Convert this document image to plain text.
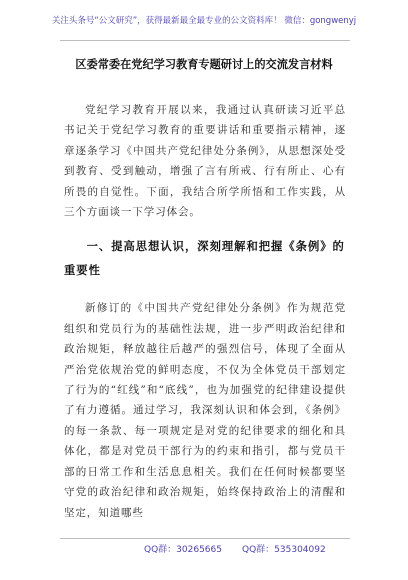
关注头条号“公文研究”，获得最新最全最专业的公文资料库！ 微信：gongwenyj
区委常委在党纪学习教育专题研讨上的交流发言材料

党纪学习教育开展以来，我通过认真研读习近平总书记关于党纪学习教育的重要讲话和重要指示精神，逐章逐条学习《中国共产党纪律处分条例》，从思想深处受到教育、受到触动，增强了言有所戒、行有所止、心有所畏的自觉性。下面，我结合所学所悟和工作实践，从三个方面谈一下学习体会。

一、提高思想认识，深刻理解和把握《条例》的重要性

新修订的《中国共产党纪律处分条例》作为规范党组织和党员行为的基础性法规，进一步严明政治纪律和政治规矩，释放越往后越严的强烈信号，体现了全面从严治党依规治党的鲜明态度，不仅为全体党员干部划定了行为的“红线”和“底线”，也为加强党的纪律建设提供了有力遵循。通过学习，我深刻认识和体会到，《条例》的每一条款、每一项规定是对党的纪律要求的细化和具体化，都是对党员干部行为的约束和指引，都与党员干部的日常工作和生活息息相关。我们在任何时候都要坚守党的政治纪律和政治规矩，始终保持政治上的清醒和坚定，知道哪些

QQ群：30265665 QQ群：535304092
